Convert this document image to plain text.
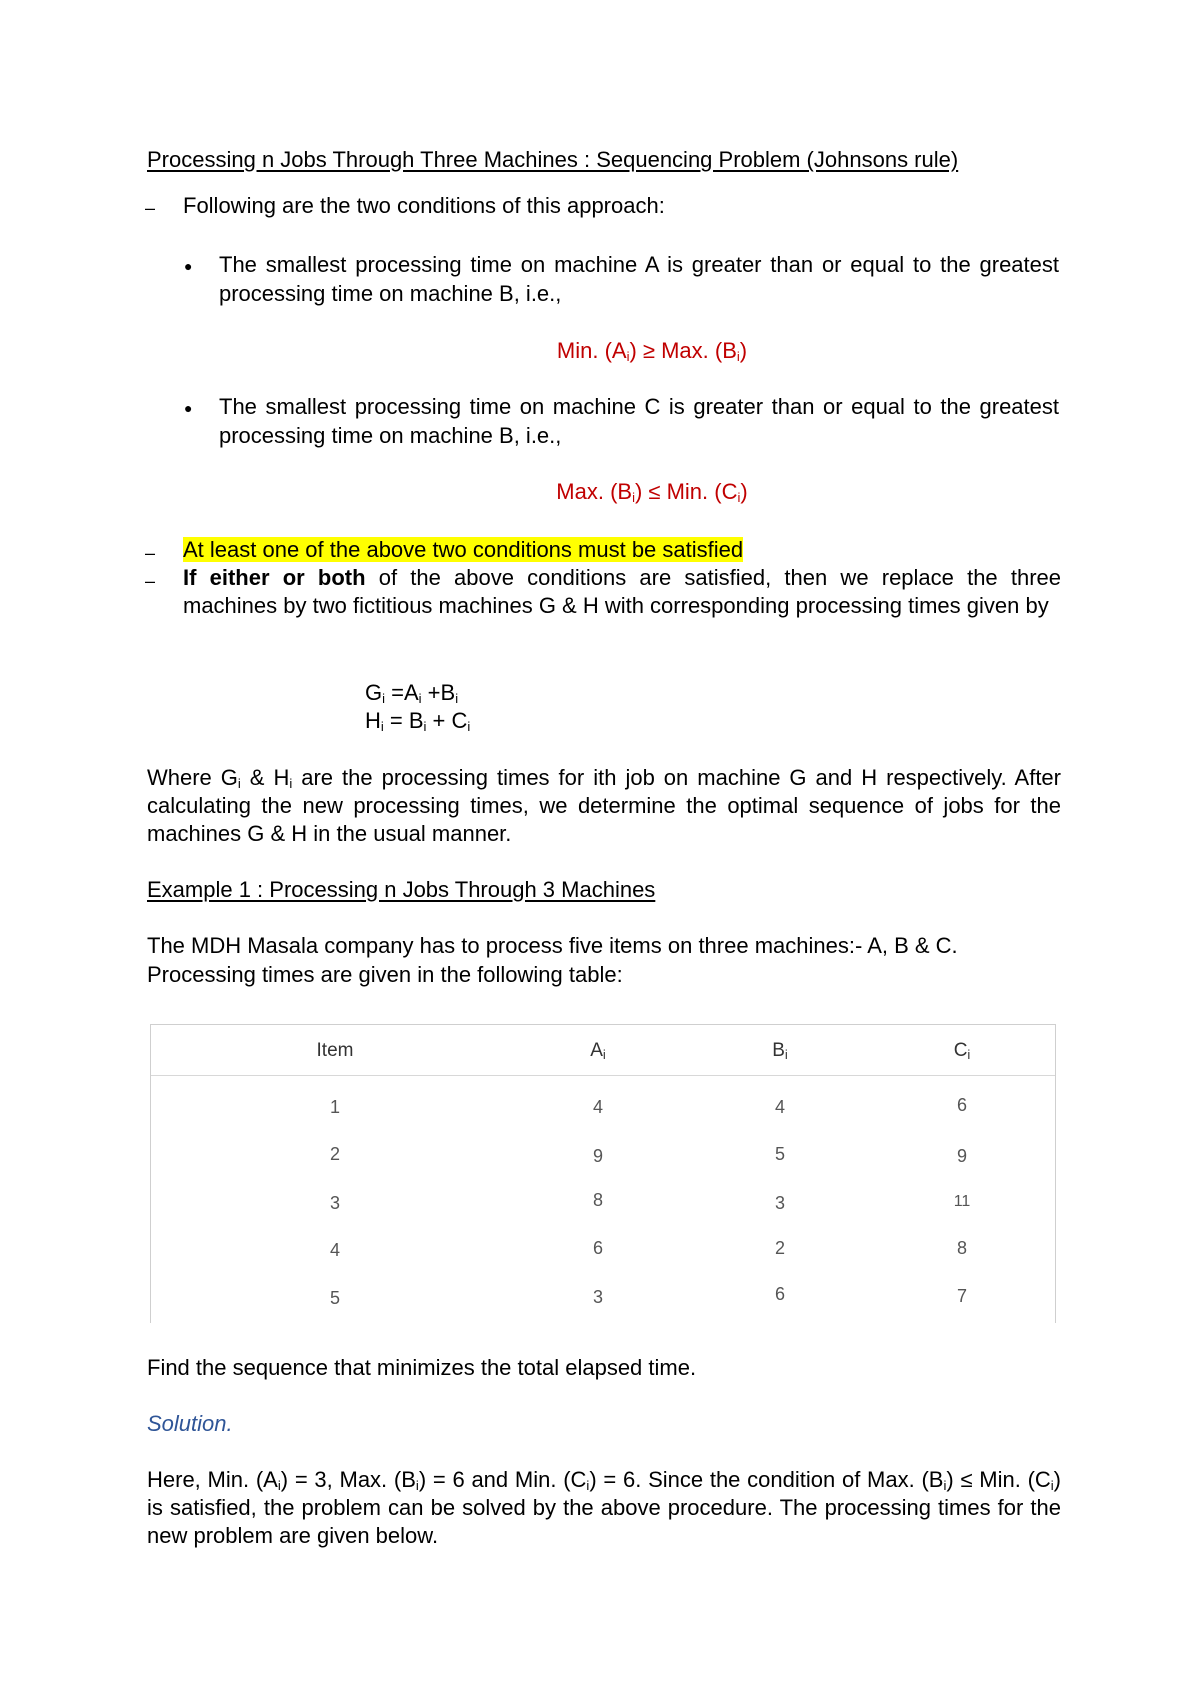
Processing n Jobs Through Three Machines : Sequencing Problem (Johnsons rule)
– Following are the two conditions of this approach:
● The smallest processing time on machine A is greater than or equal to the greatest processing time on machine B, i.e.,
Min. $(A_i)$ ≥ Max. $(B_i)$
● The smallest processing time on machine C is greater than or equal to the greatest processing time on machine B, i.e.,
Max. $(B_i)$ ≤ Min. $(C_i)$
– At least one of the above two conditions must be satisfied
– If either or both of the above conditions are satisfied, then we replace the three machines by two fictitious machines G & H with corresponding processing times given by
$G_i =A_i +B_i$
$H_i = B_i + C_i$
Where $G_i$ & $H_i$ are the processing times for ith job on machine G and H respectively. After calculating the new processing times, we determine the optimal sequence of jobs for the machines G & H in the usual manner.
Example 1 : Processing n Jobs Through 3 Machines
The MDH Masala company has to process five items on three machines:- A, B & C. Processing times are given in the following table:
Item	$A_i$	$B_i$	$C_i$
1	4	4	6
2	9	5	9
3	8	3	11
4	6	2	8
5	3	6	7
Find the sequence that minimizes the total elapsed time.
Solution.
Here, Min. $(A_i) = 3$, Max. $(B_i) = 6$ and Min. $(C_i) = 6$. Since the condition of Max. $(B_i)$ ≤ Min. $(C_i)$ is satisfied, the problem can be solved by the above procedure. The processing times for the new problem are given below.
